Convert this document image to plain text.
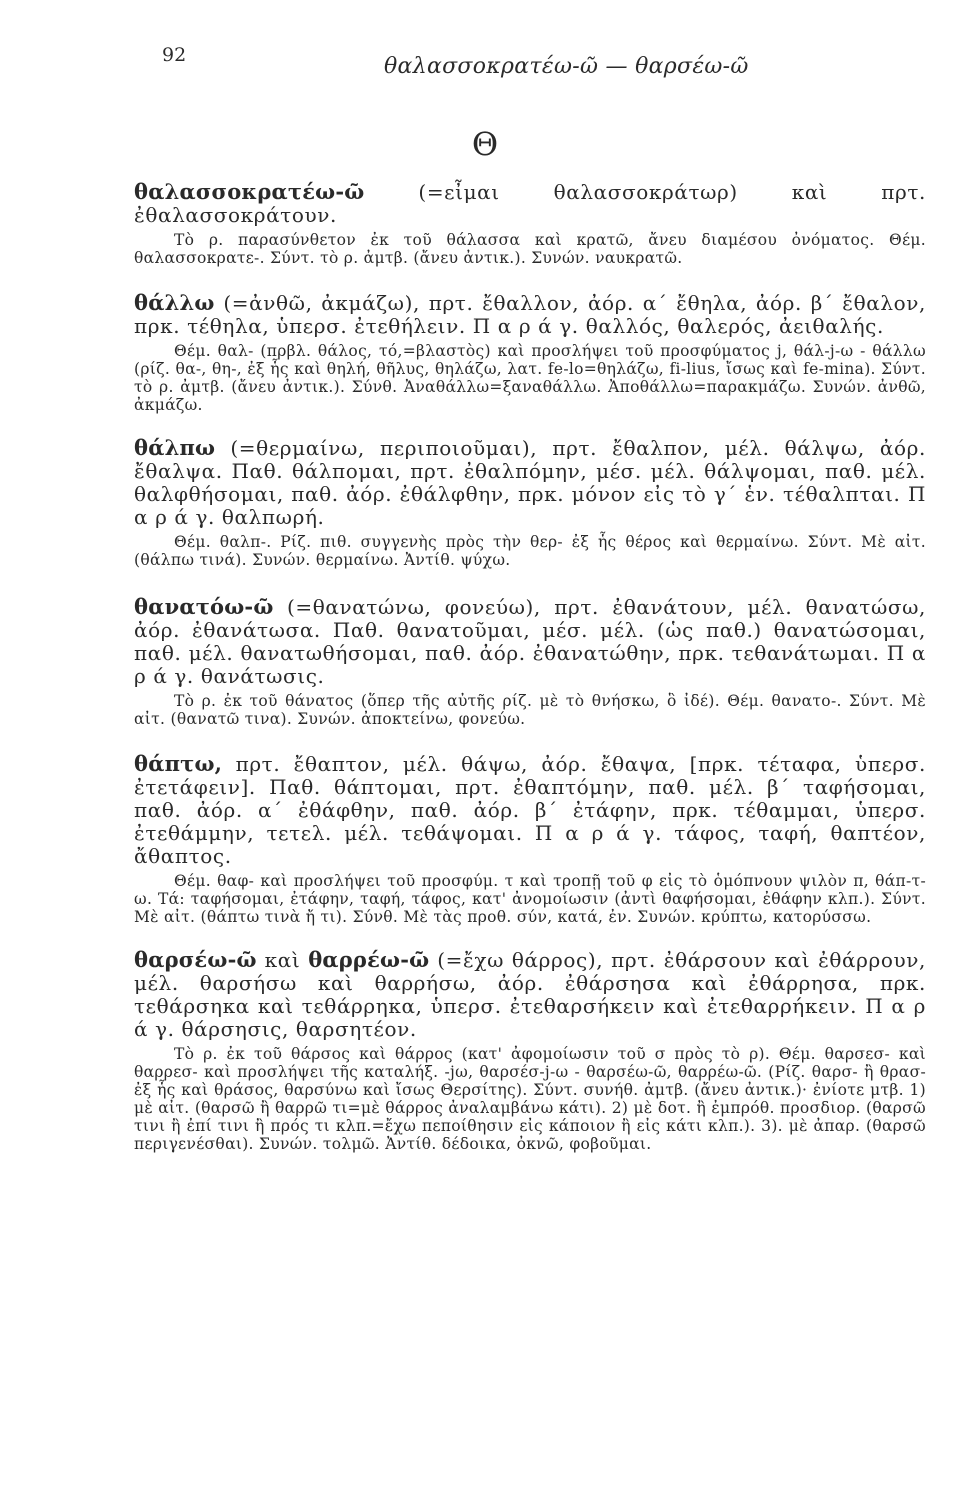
92	θαλασσοκρατέω-ῶ — θαρσέω-ῶ
Θ

θαλασσοκρατέω-ῶ	(=εἶμαι θαλασσοκράτωρ) καὶ πρτ. ἐθαλασσοκράτουν.

Τὸ ρ. παρασύνθετον ἐκ τοῦ θάλασσα καὶ κρατῶ, ἄνευ διαμέσου ὀνόματος. Θέμ. θαλασσοκρατε-. Σύντ. τὸ ρ. ἀμτβ. (ἄνευ ἀντικ.). Συνών. ναυκρατῶ.

θάλλω (=ἀνθῶ, ἀκμάζω), πρτ. ἔθαλλον, ἀόρ. α΄ ἔθηλα, ἀόρ. β΄ ἔθαλον, πρκ. τέθηλα, ὑπερσ. ἐτεθήλειν. Π α ρ ά γ. θαλλός, θαλερός, ἀειθαλής.

Θέμ. θαλ- (πρβλ. θάλος, τό,=βλαστὸς) καὶ προσλήψει τοῦ προσφύματος j, θάλ-j-ω - θάλλω (ρίζ. θα-, θη-, ἐξ ἧς καὶ θηλή, θῆλυς, θηλάζω, λατ. fe-lo=θηλάζω, fi-lius, ἴσως καὶ fe-mina). Σύντ. τὸ ρ. ἀμτβ. (ἄνευ ἀντικ.). Σύνθ. Ἀναθάλλω=ξαναθάλλω. Ἀποθάλλω=παρακμάζω. Συνών. ἀνθῶ, ἀκμάζω.

θάλπω (=θερμαίνω, περιποιοῦμαι), πρτ. ἔθαλπον, μέλ. θάλψω, ἀόρ. ἔθαλψα. Παθ. θάλπομαι, πρτ. ἐθαλπόμην, μέσ. μέλ. θάλψομαι, παθ. μέλ. θαλφθήσομαι, παθ. ἀόρ. ἐθάλφθην, πρκ. μόνον εἰς τὸ γ΄ ἑν. τέθαλπται. Π α ρ ά γ. θαλπωρή.

Θέμ. θαλπ-. Ρίζ. πιθ. συγγενὴς πρὸς τὴν θερ- ἐξ ἧς θέρος καὶ θερμαίνω. Σύντ. Μὲ αἰτ. (θάλπω τινά). Συνών. θερμαίνω. Ἀντίθ. ψύχω.

θανατόω-ῶ (=θανατώνω, φονεύω), πρτ. ἐθανάτουν, μέλ. θανατώσω, ἀόρ. ἐθανάτωσα. Παθ. θανατοῦμαι, μέσ. μέλ. (ὡς παθ.) θανατώσομαι, παθ. μέλ. θανατωθήσομαι, παθ. ἀόρ. ἐθανατώθην, πρκ. τεθανάτωμαι. Π α ρ ά γ. θανάτωσις.

Τὸ ρ. ἐκ τοῦ θάνατος (ὅπερ τῆς αὐτῆς ρίζ. μὲ τὸ θνήσκω, ὃ ἰδέ). Θέμ. θανατο-. Σύντ. Μὲ αἰτ. (θανατῶ τινα). Συνών. ἀποκτείνω, φονεύω.

θάπτω, πρτ. ἔθαπτον, μέλ. θάψω, ἀόρ. ἔθαψα, [πρκ. τέταφα, ὑπερσ. ἐτετάφειν]. Παθ. θάπτομαι, πρτ. ἐθαπτόμην, παθ. μέλ. β΄ ταφήσομαι, παθ. ἀόρ. α΄ ἐθάφθην, παθ. ἀόρ. β΄ ἐτάφην, πρκ. τέθαμμαι, ὑπερσ. ἐτεθάμμην, τετελ. μέλ. τεθάψομαι. Π α ρ ά γ. τάφος, ταφή, θαπτέον, ἄθαπτος.

Θέμ. θαφ- καὶ προσλήψει τοῦ προσφύμ. τ καὶ τροπῇ τοῦ φ εἰς τὸ ὁμόπνουν ψιλὸν π, θάπ-τ-ω. Τά: ταφήσομαι, ἐτάφην, ταφή, τάφος, κατ' ἀνομοίωσιν (ἀντὶ θαφήσομαι, ἐθάφην κλπ.). Σύντ. Μὲ αἰτ. (θάπτω τινὰ ἤ τι). Σύνθ. Μὲ τὰς προθ. σύν, κατά, ἐν. Συνών. κρύπτω, κατορύσσω.

θαρσέω-ῶ καὶ θαρρέω-ῶ (=ἔχω θάρρος), πρτ. ἐθάρσουν καὶ ἐθάρρουν, μέλ. θαρσήσω καὶ θαρρήσω, ἀόρ. ἐθάρσησα καὶ ἐθάρρησα, πρκ. τεθάρσηκα καὶ τεθάρρηκα, ὑπερσ. ἐτεθαρσήκειν καὶ ἐτεθαρρήκειν. Π α ρ ά γ. θάρσησις, θαρσητέον.

Τὸ ρ. ἐκ τοῦ θάρσος καὶ θάρρος (κατ' ἀφομοίωσιν τοῦ σ πρὸς τὸ ρ). Θέμ. θαρσεσ- καὶ θαρρεσ- καὶ προσλήψει τῆς καταλήξ. -jω, θαρσέσ-j-ω - θαρσέω-ῶ, θαρρέω-ῶ. (Ρίζ. θαρσ- ἢ θρασ- ἐξ ἧς καὶ θράσος, θαρσύνω καὶ ἴσως Θερσίτης). Σύντ. συνήθ. ἀμτβ. (ἄνευ ἀντικ.)· ἐνίοτε μτβ. 1) μὲ αἰτ. (θαρσῶ ἢ θαρρῶ τι=μὲ θάρρος ἀναλαμβάνω κάτι). 2) μὲ δοτ. ἢ ἐμπρόθ. προσδιορ. (θαρσῶ τινι ἢ ἐπί τινι ἢ πρός τι κλπ.=ἔχω πεποίθησιν εἰς κάποιον ἢ εἰς κάτι κλπ.). 3). μὲ ἀπαρ. (θαρσῶ περιγενέσθαι). Συνών. τολμῶ. Ἀντίθ. δέδοικα, ὀκνῶ, φοβοῦμαι.
